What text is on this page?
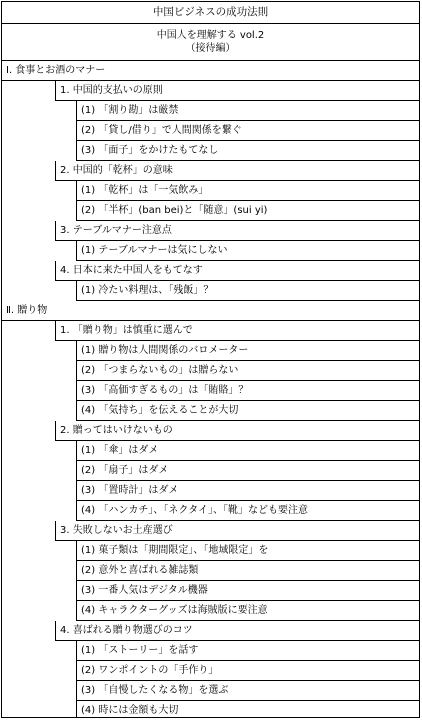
中国ビジネスの成功法則
中国人を理解する vol.2
（接待編）
Ⅰ. 食事とお酒のマナー
1. 中国的支払いの原則
(1) 「割り勘」は厳禁
(2) 「貸し/借り」で人間関係を繋ぐ
(3) 「面子」をかけたもてなし
2. 中国的「乾杯」の意味
(1) 「乾杯」は「一気飲み」
(2) 「半杯」(ban bei)と「随意」(sui yi)
3. テーブルマナー注意点
(1) テーブルマナーは気にしない
4. 日本に来た中国人をもてなす
(1) 冷たい料理は、「残飯」？
Ⅱ. 贈り物
1. 「贈り物」は慎重に選んで
(1) 贈り物は人間関係のバロメーター
(2) 「つまらないもの」は贈らない
(3) 「高価すぎるもの」は「賄賂」？
(4) 「気持ち」を伝えることが大切
2. 贈ってはいけないもの
(1) 「傘」はダメ
(2) 「扇子」はダメ
(3) 「置時計」はダメ
(4) 「ハンカチ」、「ネクタイ」、「靴」なども要注意
3. 失敗しないお土産選び
(1) 菓子類は「期間限定」、「地域限定」を
(2) 意外と喜ばれる雑誌類
(3) 一番人気はデジタル機器
(4) キャラクターグッズは海賊版に要注意
4. 喜ばれる贈り物選びのコツ
(1) 「ストーリー」を話す
(2) ワンポイントの「手作り」
(3) 「自慢したくなる物」を選ぶ
(4) 時には金額も大切
